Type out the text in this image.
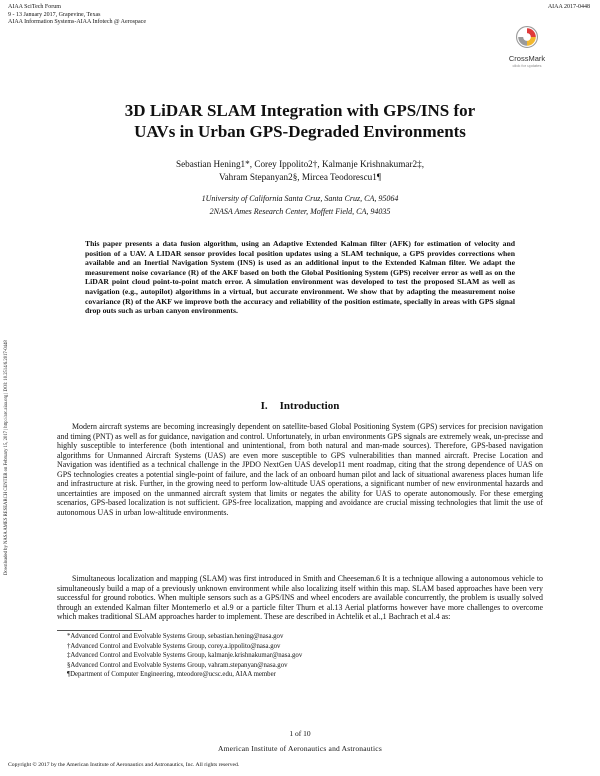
AIAA SciTech Forum
9 - 13 January 2017, Grapevine, Texas
AIAA Information Systems-AIAA Infotech @ Aerospace
AIAA 2017-0448
CrossMark
click for updates
Downloaded by NASA AMES RESEARCH CENTER on February 15, 2017 | http://arc.aiaa.org | DOI: 10.2514/6.2017-0448
3D LiDAR SLAM Integration with GPS/INS for
UAVs in Urban GPS-Degraded Environments
Sebastian Hening1*, Corey Ippolito2†, Kalmanje Krishnakumar2‡,
Vahram Stepanyan2§, Mircea Teodorescu1¶
1University of California Santa Cruz, Santa Cruz, CA, 95064
2NASA Ames Research Center, Moffett Field, CA, 94035
This paper presents a data fusion algorithm, using an Adaptive Extended Kalman filter (AFK) for estimation of velocity and position of a UAV. A LIDAR sensor provides local position updates using a SLAM technique, a GPS provides corrections when available and an Inertial Navigation System (INS) is used as an additional input to the Extended Kalman filter. We adapt the measurement noise covariance (R) of the AKF based on both the Global Positioning System (GPS) receiver error as well as on the LiDAR point cloud point-to-point match error. A simulation environment was developed to test the proposed SLAM as well as navigation (e.g., autopilot) algorithms in a virtual, but accurate environment. We show that by adapting the measurement noise covariance (R) of the AKF we improve both the accuracy and reliability of the position estimate, specially in areas with GPS signal drop outs such as urban canyon environments.
I. Introduction
Modern aircraft systems are becoming increasingly dependent on satellite-based Global Positioning System (GPS) services for precision navigation and timing (PNT) as well as for guidance, navigation and control. Unfortunately, in urban environments GPS signals are extremely weak, un-precisse and highly susceptible to interference (both intentional and unintentional, from both natural and man-made sources). Therefore, GPS-based navigation algorithms for Unmanned Aircraft Systems (UAS) are even more susceptible to GPS vulnerabilities than manned aircraft. Precise Location and Navigation was identified as a technical challenge in the JPDO NextGen UAS develop11 ment roadmap, citing that the strong dependence of UAS on GPS technologies creates a potential single-point of failure, and the lack of an onboard human pilot and lack of situational awareness places human life and infrastructure at risk. Further, in the growing need to perform low-altitude UAS operations, a significant number of new environmental hazards and uncertainties are imposed on the unmanned aircraft system that limits or negates the ability for UAS to operate autonomously. For these emerging scenarios, GPS-based localization is not sufficient. GPS-free localization, mapping and avoidance are crucial missing technologies that limit the use of autonomous UAS in urban low-altitude environments.
Simultaneous localization and mapping (SLAM) was first introduced in Smith and Cheeseman.6 It is a technique allowing a autonomous vehicle to simultaneously build a map of a previously unknown environment while also localizing itself within this map. SLAM based approaches have been very successful for ground robotics. When multiple sensors such as a GPS/INS and wheel encoders are available concurrently, the problem is usually solved through an extended Kalman filter Montemerlo et al.9 or a particle filter Thurn et al.13 Aerial platforms however have more challenges to overcome which makes traditional SLAM approaches harder to implement. These are described in Achtelik et al.,1 Bachrach et al.4 as:
*Advanced Control and Evolvable Systems Group, sebastian.hening@nasa.gov
†Advanced Control and Evolvable Systems Group, corey.a.ippolito@nasa.gov
‡Advanced Control and Evolvable Systems Group, kalmanje.krishnakumar@nasa.gov
§Advanced Control and Evolvable Systems Group, vahram.stepanyan@nasa.gov
¶Department of Computer Engineering, mteodore@ucsc.edu, AIAA member
1 of 10
American Institute of Aeronautics and Astronautics
Copyright © 2017 by the American Institute of Aeronautics and Astronautics, Inc. All rights reserved.
